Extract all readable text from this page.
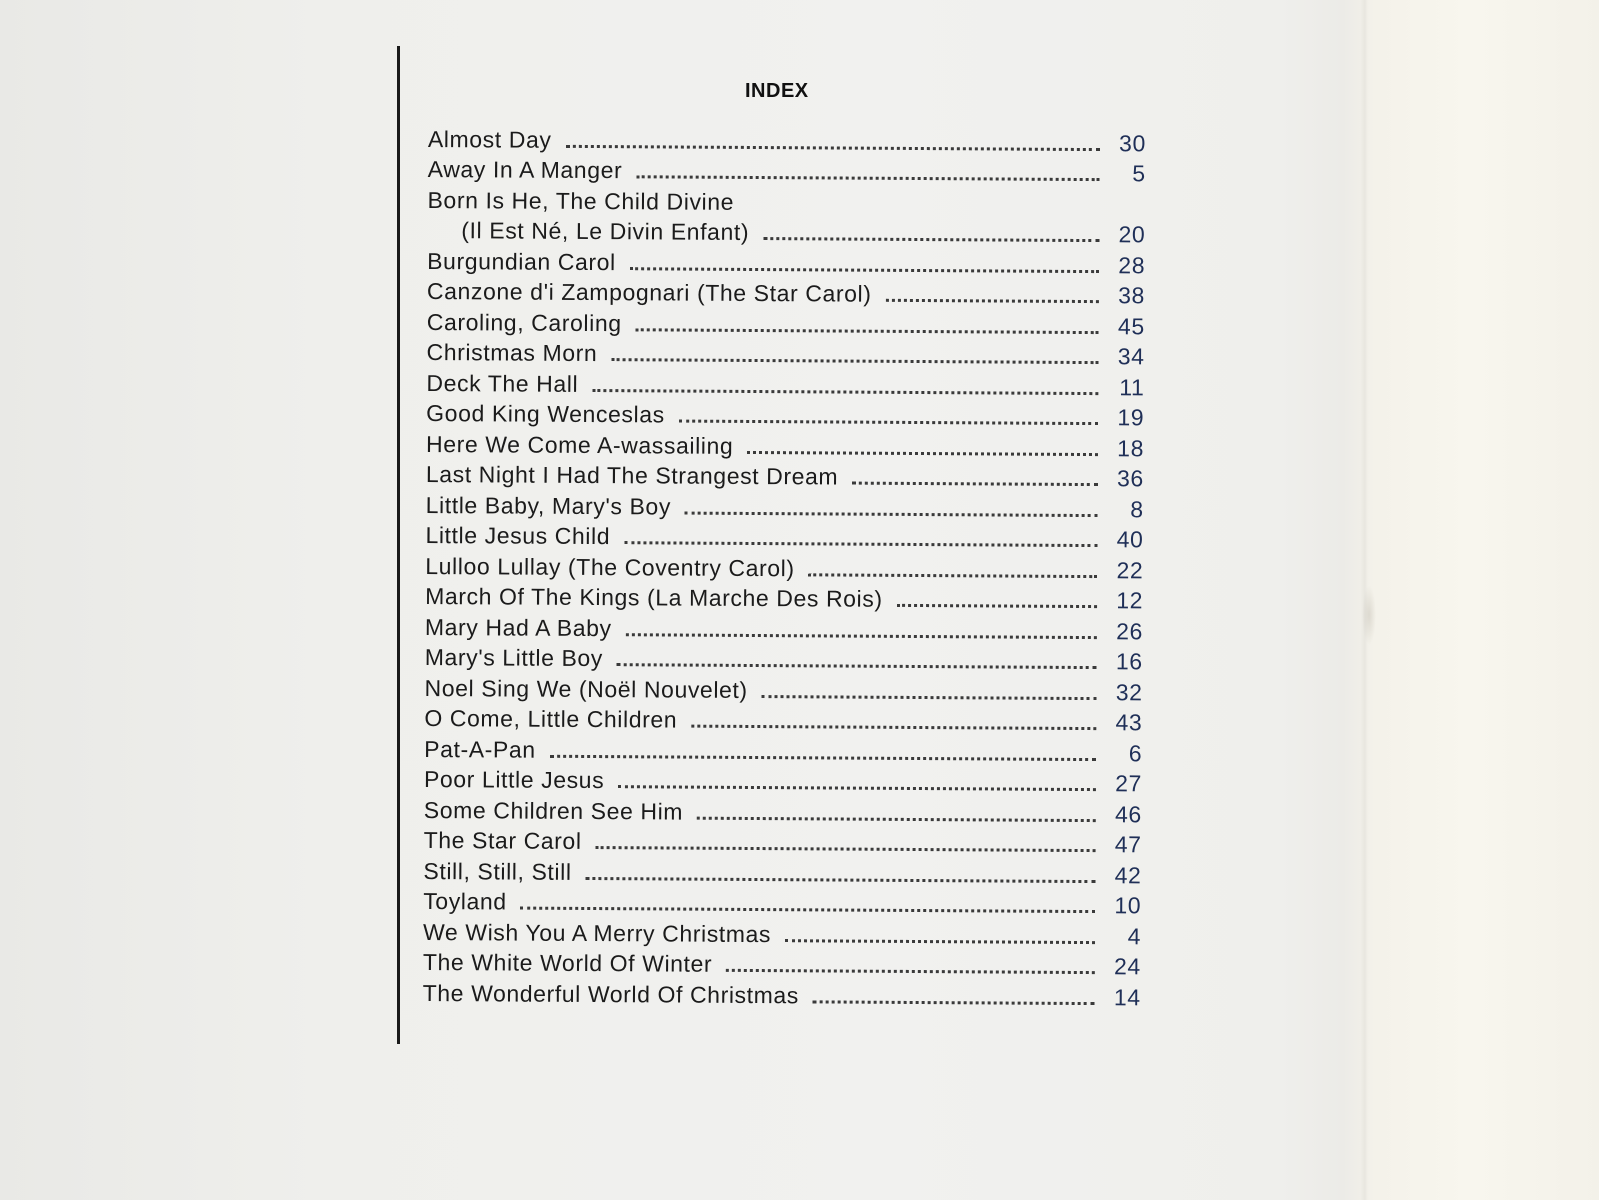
INDEX
Almost Day	30
Away In A Manger	5
Born Is He, The Child Divine
(Il Est Né, Le Divin Enfant)	20
Burgundian Carol	28
Canzone d'i Zampognari (The Star Carol)	38
Caroling, Caroling	45
Christmas Morn	34
Deck The Hall	11
Good King Wenceslas	19
Here We Come A-wassailing	18
Last Night I Had The Strangest Dream	36
Little Baby, Mary's Boy	8
Little Jesus Child	40
Lulloo Lullay (The Coventry Carol)	22
March Of The Kings (La Marche Des Rois)	12
Mary Had A Baby	26
Mary's Little Boy	16
Noel Sing We (Noël Nouvelet)	32
O Come, Little Children	43
Pat-A-Pan	6
Poor Little Jesus	27
Some Children See Him	46
The Star Carol	47
Still, Still, Still	42
Toyland	10
We Wish You A Merry Christmas	4
The White World Of Winter	24
The Wonderful World Of Christmas	14
